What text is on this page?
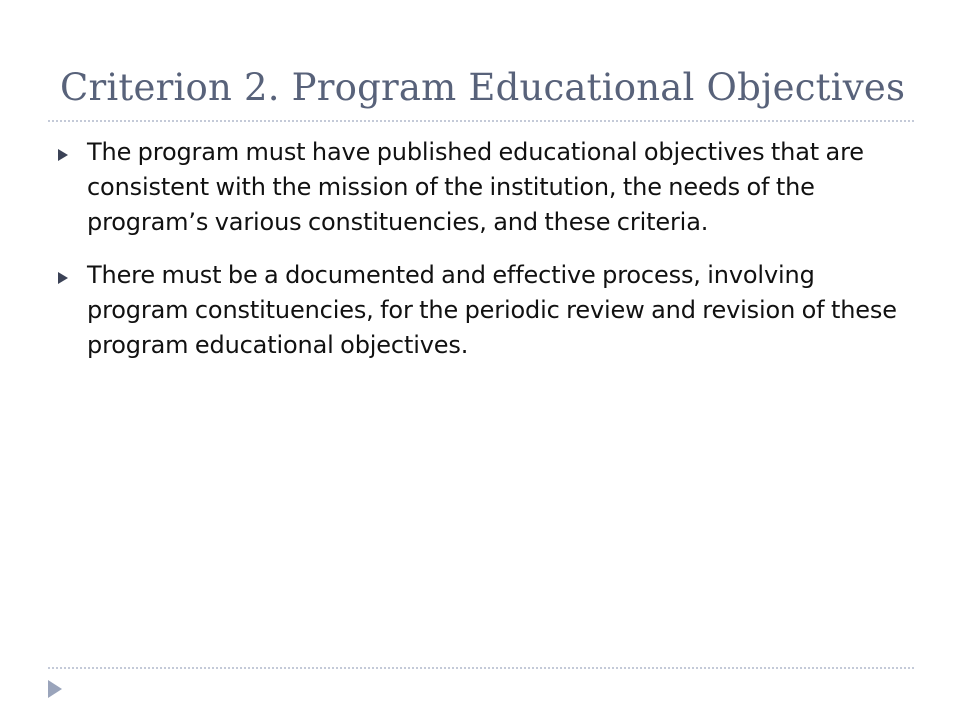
Criterion 2. Program Educational Objectives
The program must have published educational objectives that are consistent with the mission of the institution, the needs of the program’s various constituencies, and these criteria.
There must be a documented and effective process, involving program constituencies, for the periodic review and revision of these program educational objectives.
